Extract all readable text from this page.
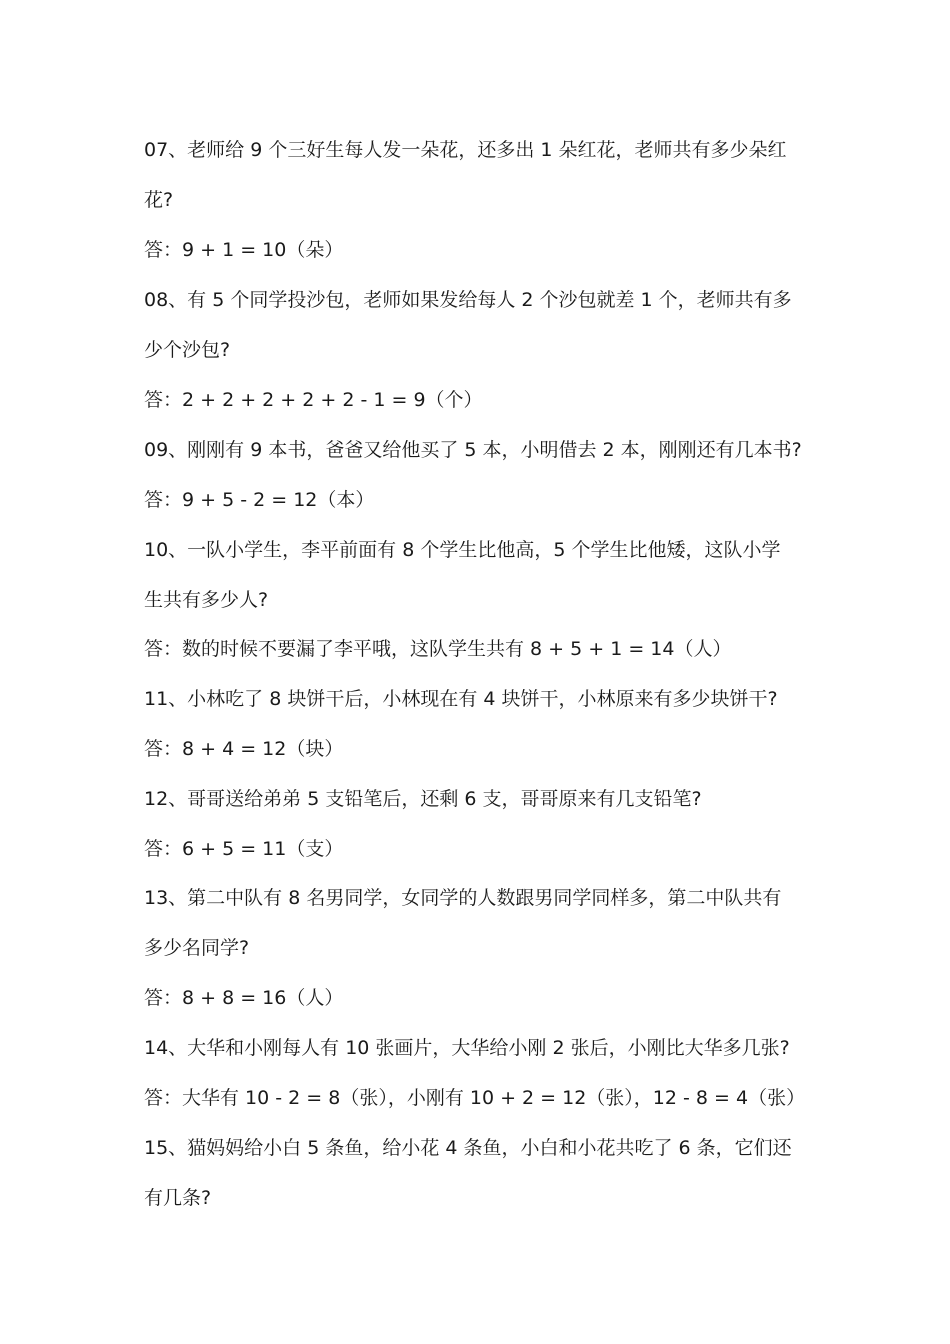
07、老师给 9 个三好生每人发一朵花，还多出 1 朵红花，老师共有多少朵红
花?
答：9 + 1 = 10（朵）
08、有 5 个同学投沙包，老师如果发给每人 2 个沙包就差 1 个，老师共有多
少个沙包?
答：2 + 2 + 2 + 2 + 2 - 1 = 9（个）
09、刚刚有 9 本书，爸爸又给他买了 5 本，小明借去 2 本，刚刚还有几本书?
答：9 + 5 - 2 = 12（本）
10、一队小学生，李平前面有 8 个学生比他高，5 个学生比他矮，这队小学
生共有多少人?
答：数的时候不要漏了李平哦，这队学生共有 8 + 5 + 1 = 14（人）
11、小林吃了 8 块饼干后，小林现在有 4 块饼干，小林原来有多少块饼干?
答：8 + 4 = 12（块）
12、哥哥送给弟弟 5 支铅笔后，还剩 6 支，哥哥原来有几支铅笔?
答：6 + 5 = 11（支）
13、第二中队有 8 名男同学，女同学的人数跟男同学同样多，第二中队共有
多少名同学?
答：8 + 8 = 16（人）
14、大华和小刚每人有 10 张画片，大华给小刚 2 张后，小刚比大华多几张?
答：大华有 10 - 2 = 8（张），小刚有 10 + 2 = 12（张），12 - 8 = 4（张）
15、猫妈妈给小白 5 条鱼，给小花 4 条鱼，小白和小花共吃了 6 条，它们还
有几条?
